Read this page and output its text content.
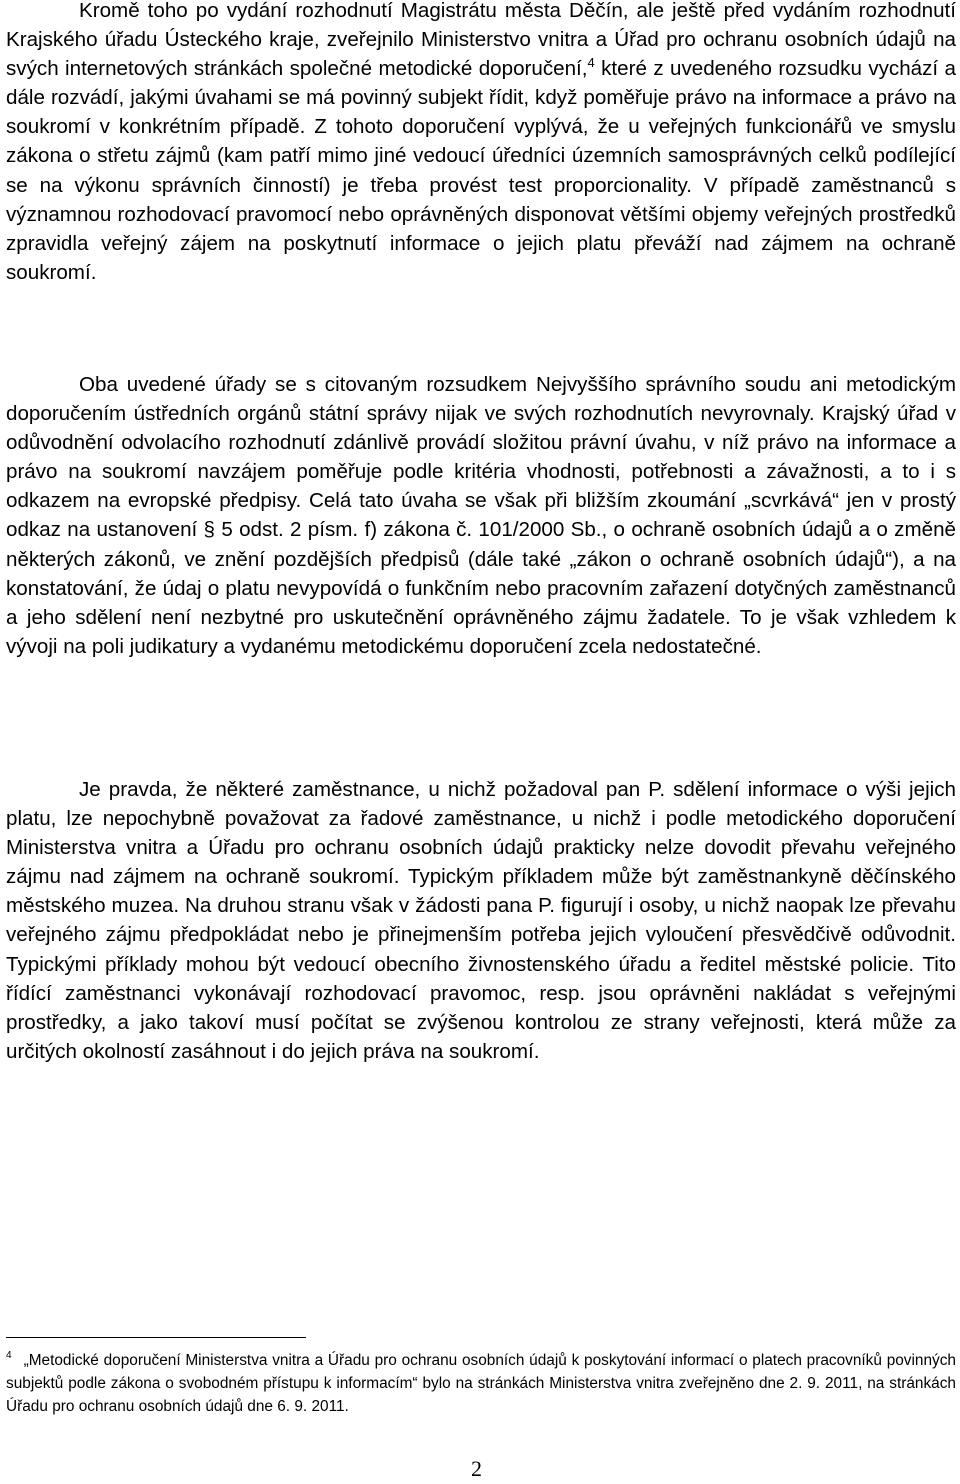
Kromě toho po vydání rozhodnutí Magistrátu města Děčín, ale ještě před vydáním rozhodnutí Krajského úřadu Ústeckého kraje, zveřejnilo Ministerstvo vnitra a Úřad pro ochranu osobních údajů na svých internetových stránkách společné metodické doporučení,$^4$ které z uvedeného rozsudku vychází a dále rozvádí, jakými úvahami se má povinný subjekt řídit, když poměřuje právo na informace a právo na soukromí v konkrétním případě. Z tohoto doporučení vyplývá, že u veřejných funkcionářů ve smyslu zákona o střetu zájmů (kam patří mimo jiné vedoucí úředníci územních samosprávných celků podílející se na výkonu správních činností) je třeba provést test proporcionality. V případě zaměstnanců s významnou rozhodovací pravomocí nebo oprávněných disponovat většími objemy veřejných prostředků zpravidla veřejný zájem na poskytnutí informace o jejich platu převáží nad zájmem na ochraně soukromí.

Oba uvedené úřady se s citovaným rozsudkem Nejvyššího správního soudu ani metodickým doporučením ústředních orgánů státní správy nijak ve svých rozhodnutích nevyrovnaly. Krajský úřad v odůvodnění odvolacího rozhodnutí zdánlivě provádí složitou právní úvahu, v níž právo na informace a právo na soukromí navzájem poměřuje podle kritéria vhodnosti, potřebnosti a závažnosti, a to i s odkazem na evropské předpisy. Celá tato úvaha se však při bližším zkoumání „scvrkává“ jen v prostý odkaz na ustanovení § 5 odst. 2 písm. f) zákona č. 101/2000 Sb., o ochraně osobních údajů a o změně některých zákonů, ve znění pozdějších předpisů (dále také „zákon o ochraně osobních údajů“), a na konstatování, že údaj o platu nevypovídá o funkčním nebo pracovním zařazení dotyčných zaměstnanců a jeho sdělení není nezbytné pro uskutečnění oprávněného zájmu žadatele. To je však vzhledem k vývoji na poli judikatury a vydanému metodickému doporučení zcela nedostatečné.

Je pravda, že některé zaměstnance, u nichž požadoval pan P. sdělení informace o výši jejich platu, lze nepochybně považovat za řadové zaměstnance, u nichž i podle metodického doporučení Ministerstva vnitra a Úřadu pro ochranu osobních údajů prakticky nelze dovodit převahu veřejného zájmu nad zájmem na ochraně soukromí. Typickým příkladem může být zaměstnankyně děčínského městského muzea. Na druhou stranu však v žádosti pana P. figurují i osoby, u nichž naopak lze převahu veřejného zájmu předpokládat nebo je přinejmenším potřeba jejich vyloučení přesvědčivě odůvodnit. Typickými příklady mohou být vedoucí obecního živnostenského úřadu a ředitel městské policie. Tito řídící zaměstnanci vykonávají rozhodovací pravomoc, resp. jsou oprávněni nakládat s veřejnými prostředky, a jako takoví musí počítat se zvýšenou kontrolou ze strany veřejnosti, která může za určitých okolností zasáhnout i do jejich práva na soukromí.

$^4$ „Metodické doporučení Ministerstva vnitra a Úřadu pro ochranu osobních údajů k poskytování informací o platech pracovníků povinných subjektů podle zákona o svobodném přístupu k informacím“ bylo na stránkách Ministerstva vnitra zveřejněno dne 2. 9. 2011, na stránkách Úřadu pro ochranu osobních údajů dne 6. 9. 2011.

2
